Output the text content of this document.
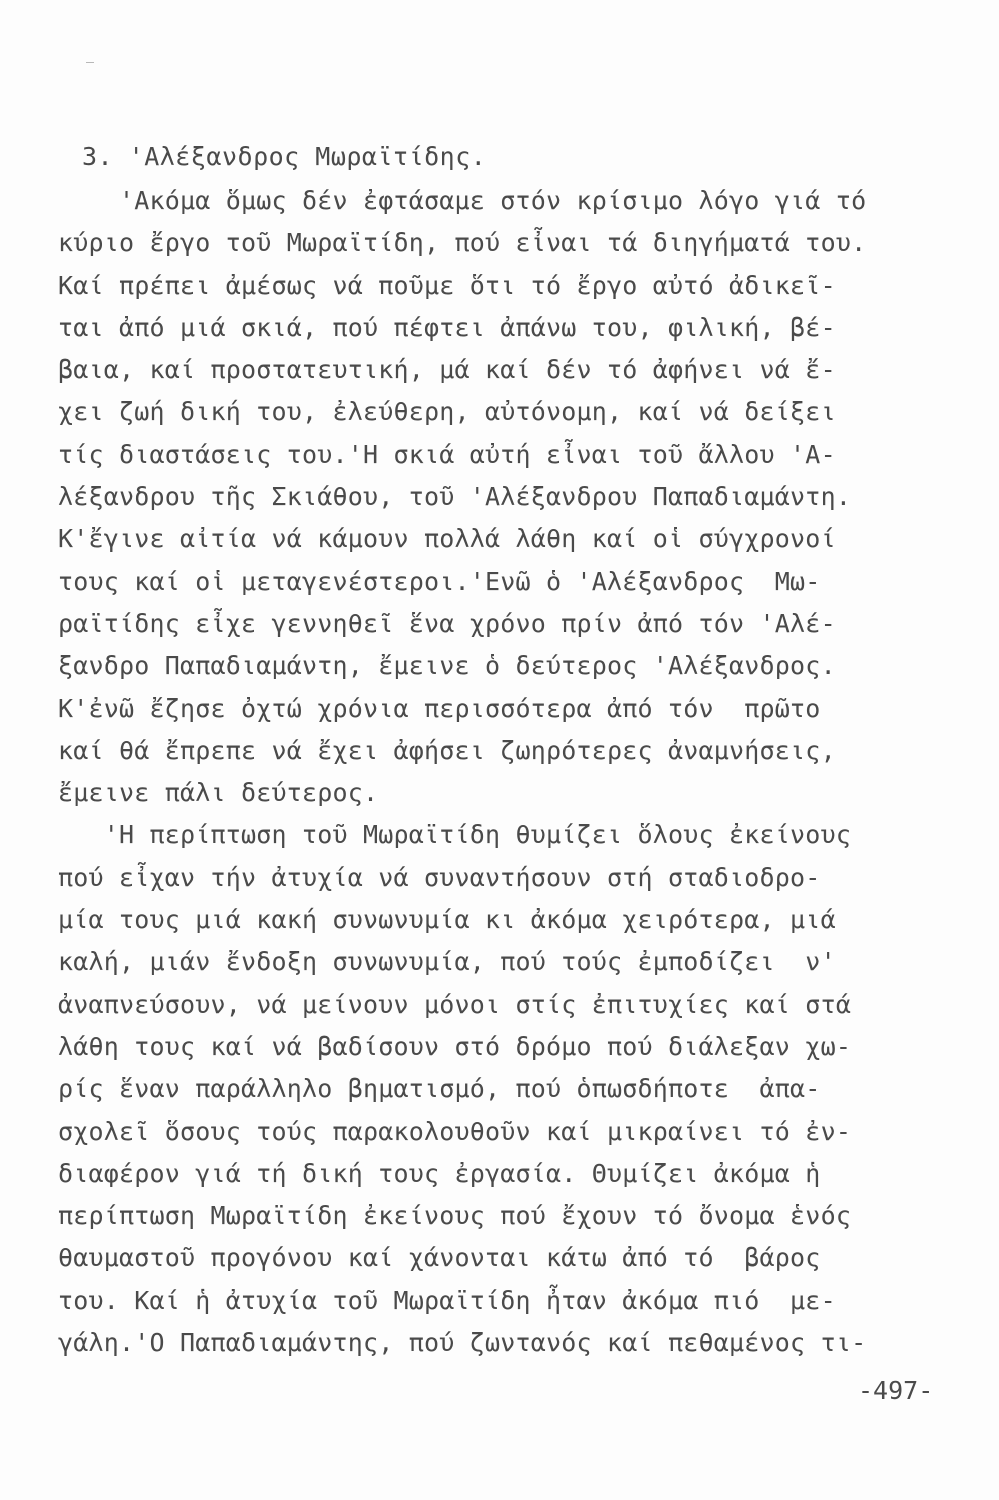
3. 'Αλέξανδρος Μωραϊτίδης.
'Ακόμα ὅμως δέν ἐφτάσαμε στόν κρίσιμο λόγο γιά τό
κύριο ἔργο τοῦ Μωραϊτίδη, πού εἶναι τά διηγήματά του.
Καί πρέπει ἀμέσως νά ποῦμε ὅτι τό ἔργο αὐτό ἀδικεῖ-
ται ἀπό μιά σκιά, πού πέφτει ἀπάνω του, φιλική, βέ-
βαια, καί προστατευτική, μά καί δέν τό ἀφήνει νά ἔ-
χει ζωή δική του, ἐλεύθερη, αὐτόνομη, καί νά δείξει
τίς διαστάσεις του.'Η σκιά αὐτή εἶναι τοῦ ἄλλου 'Α-
λέξανδρου τῆς Σκιάθου, τοῦ 'Αλέξανδρου Παπαδιαμάντη.
Κ'ἔγινε αἰτία νά κάμουν πολλά λάθη καί οἱ σύγχρονοί
τους καί οἱ μεταγενέστεροι.'Ενῶ ὁ 'Αλέξανδρος  Μω-
ραϊτίδης εἶχε γεννηθεῖ ἕνα χρόνο πρίν ἀπό τόν 'Αλέ-
ξανδρο Παπαδιαμάντη, ἔμεινε ὁ δεύτερος 'Αλέξανδρος.
Κ'ἐνῶ ἔζησε ὀχτώ χρόνια περισσότερα ἀπό τόν  πρῶτο
καί θά ἔπρεπε νά ἔχει ἀφήσει ζωηρότερες ἀναμνήσεις,
ἔμεινε πάλι δεύτερος.
'Η περίπτωση τοῦ Μωραϊτίδη θυμίζει ὅλους ἐκείνους
πού εἶχαν τήν ἀτυχία νά συναντήσουν στή σταδιοδρο-
μία τους μιά κακή συνωνυμία κι ἀκόμα χειρότερα, μιά
καλή, μιάν ἔνδοξη συνωνυμία, πού τούς ἐμποδίζει  ν'
ἀναπνεύσουν, νά μείνουν μόνοι στίς ἐπιτυχίες καί στά
λάθη τους καί νά βαδίσουν στό δρόμο πού διάλεξαν χω-
ρίς ἕναν παράλληλο βηματισμό, πού ὁπωσδήποτε  ἀπα-
σχολεῖ ὅσους τούς παρακολουθοῦν καί μικραίνει τό ἐν-
διαφέρον γιά τή δική τους ἐργασία. Θυμίζει ἀκόμα ἡ
περίπτωση Μωραϊτίδη ἐκείνους πού ἔχουν τό ὄνομα ἑνός
θαυμαστοῦ προγόνου καί χάνονται κάτω ἀπό τό  βάρος
του. Καί ἡ ἀτυχία τοῦ Μωραϊτίδη ἦταν ἀκόμα πιό  με-
γάλη.'Ο Παπαδιαμάντης, πού ζωντανός καί πεθαμένος τι-
-497-
